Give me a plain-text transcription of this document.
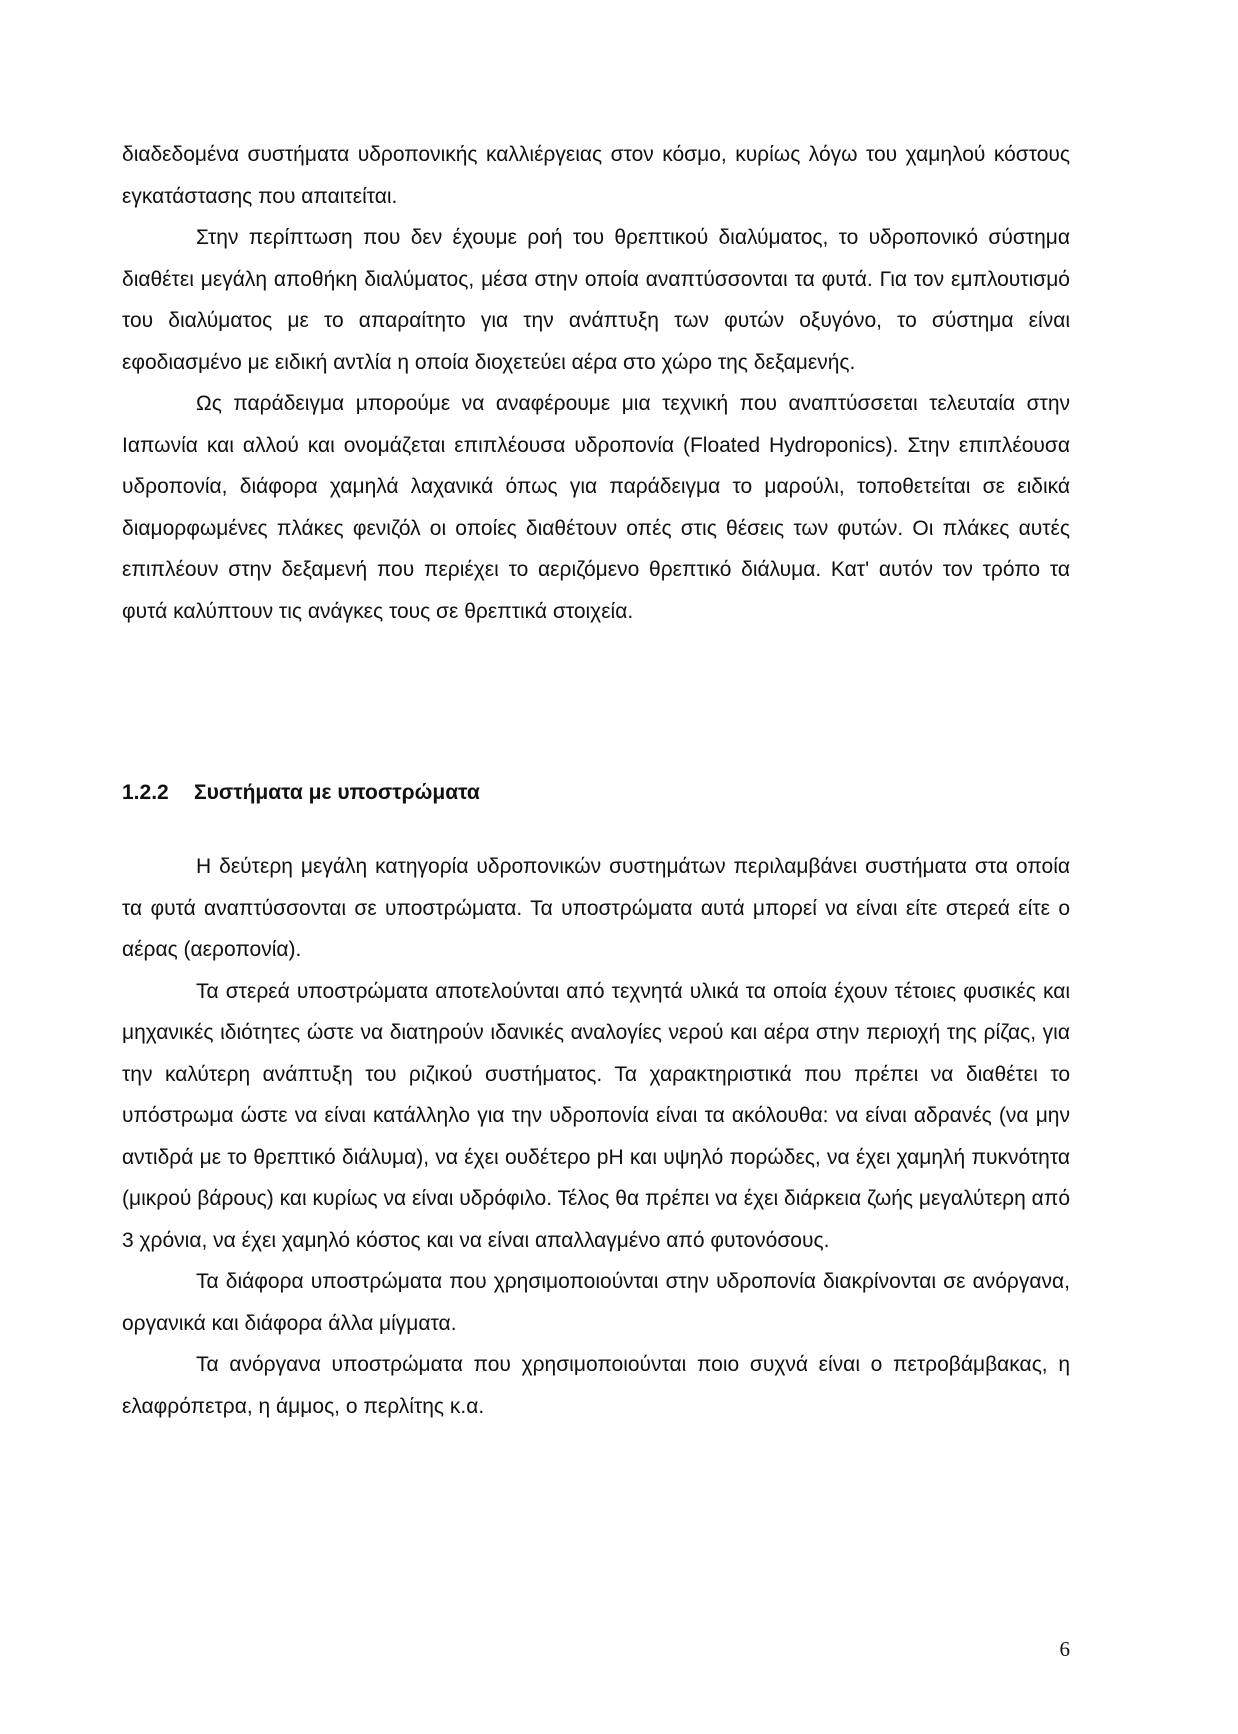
διαδεδομένα συστήματα υδροπονικής καλλιέργειας στον κόσμο, κυρίως λόγω του χαμηλού κόστους εγκατάστασης που απαιτείται.

Στην περίπτωση που δεν έχουμε ροή του θρεπτικού διαλύματος, το υδροπονικό σύστημα διαθέτει μεγάλη αποθήκη διαλύματος, μέσα στην οποία αναπτύσσονται τα φυτά. Για τον εμπλουτισμό του διαλύματος με το απαραίτητο για την ανάπτυξη των φυτών οξυγόνο, το σύστημα είναι εφοδιασμένο με ειδική αντλία η οποία διοχετεύει αέρα στο χώρο της δεξαμενής.

Ως παράδειγμα μπορούμε να αναφέρουμε μια τεχνική που αναπτύσσεται τελευταία στην Ιαπωνία και αλλού και ονομάζεται επιπλέουσα υδροπονία (Floated Hydroponics). Στην επιπλέουσα υδροπονία, διάφορα χαμηλά λαχανικά όπως για παράδειγμα το μαρούλι, τοποθετείται σε ειδικά διαμορφωμένες πλάκες φενιζόλ οι οποίες διαθέτουν οπές στις θέσεις των φυτών. Οι πλάκες αυτές επιπλέουν στην δεξαμενή που περιέχει το αεριζόμενο θρεπτικό διάλυμα. Κατ' αυτόν τον τρόπο τα φυτά καλύπτουν τις ανάγκες τους σε θρεπτικά στοιχεία.

1.2.2 Συστήματα με υποστρώματα

Η δεύτερη μεγάλη κατηγορία υδροπονικών συστημάτων περιλαμβάνει συστήματα στα οποία τα φυτά αναπτύσσονται σε υποστρώματα. Τα υποστρώματα αυτά μπορεί να είναι είτε στερεά είτε ο αέρας (αεροπονία).

Τα στερεά υποστρώματα αποτελούνται από τεχνητά υλικά τα οποία έχουν τέτοιες φυσικές και μηχανικές ιδιότητες ώστε να διατηρούν ιδανικές αναλογίες νερού και αέρα στην περιοχή της ρίζας, για την καλύτερη ανάπτυξη του ριζικού συστήματος. Τα χαρακτηριστικά που πρέπει να διαθέτει το υπόστρωμα ώστε να είναι κατάλληλο για την υδροπονία είναι τα ακόλουθα: να είναι αδρανές (να μην αντιδρά με το θρεπτικό διάλυμα), να έχει ουδέτερο pH και υψηλό πορώδες, να έχει χαμηλή πυκνότητα (μικρού βάρους) και κυρίως να είναι υδρόφιλο. Τέλος θα πρέπει να έχει διάρκεια ζωής μεγαλύτερη από 3 χρόνια, να έχει χαμηλό κόστος και να είναι απαλλαγμένο από φυτονόσους.

Τα διάφορα υποστρώματα που χρησιμοποιούνται στην υδροπονία διακρίνονται σε ανόργανα, οργανικά και διάφορα άλλα μίγματα.

Τα ανόργανα υποστρώματα που χρησιμοποιούνται ποιο συχνά είναι ο πετροβάμβακας, η ελαφρόπετρα, η άμμος, ο περλίτης κ.α.

6
